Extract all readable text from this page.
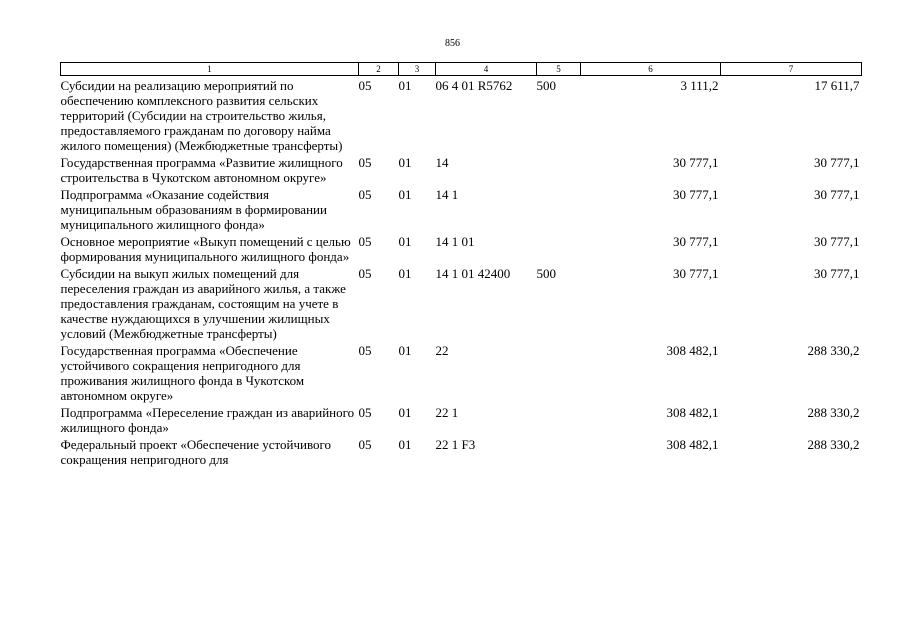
856
1	2	3	4	5	6	7
Субсидии на реализацию мероприятий по обеспечению комплексного развития сельских территорий (Субсидии на строительство жилья, предоставляемого гражданам по договору найма жилого помещения) (Межбюджетные трансферты)	05	01	06 4 01 R5762	500	3 111,2	17 611,7
Государственная программа «Развитие жилищного строительства в Чукотском автономном округе»	05	01	14		30 777,1	30 777,1
Подпрограмма «Оказание содействия муниципальным образованиям в формировании муниципального жилищного фонда»	05	01	14 1		30 777,1	30 777,1
Основное мероприятие «Выкуп помещений с целью формирования муниципального жилищного фонда»	05	01	14 1 01		30 777,1	30 777,1
Субсидии на выкуп жилых помещений для переселения граждан из аварийного жилья, а также предоставления гражданам, состоящим на учете в качестве нуждающихся в улучшении жилищных условий (Межбюджетные трансферты)	05	01	14 1 01 42400	500	30 777,1	30 777,1
Государственная программа «Обеспечение устойчивого сокращения непригодного для проживания жилищного фонда в Чукотском автономном округе»	05	01	22		308 482,1	288 330,2
Подпрограмма «Переселение граждан из аварийного жилищного фонда»	05	01	22 1		308 482,1	288 330,2
Федеральный проект «Обеспечение устойчивого сокращения непригодного для	05	01	22 1 F3		308 482,1	288 330,2
